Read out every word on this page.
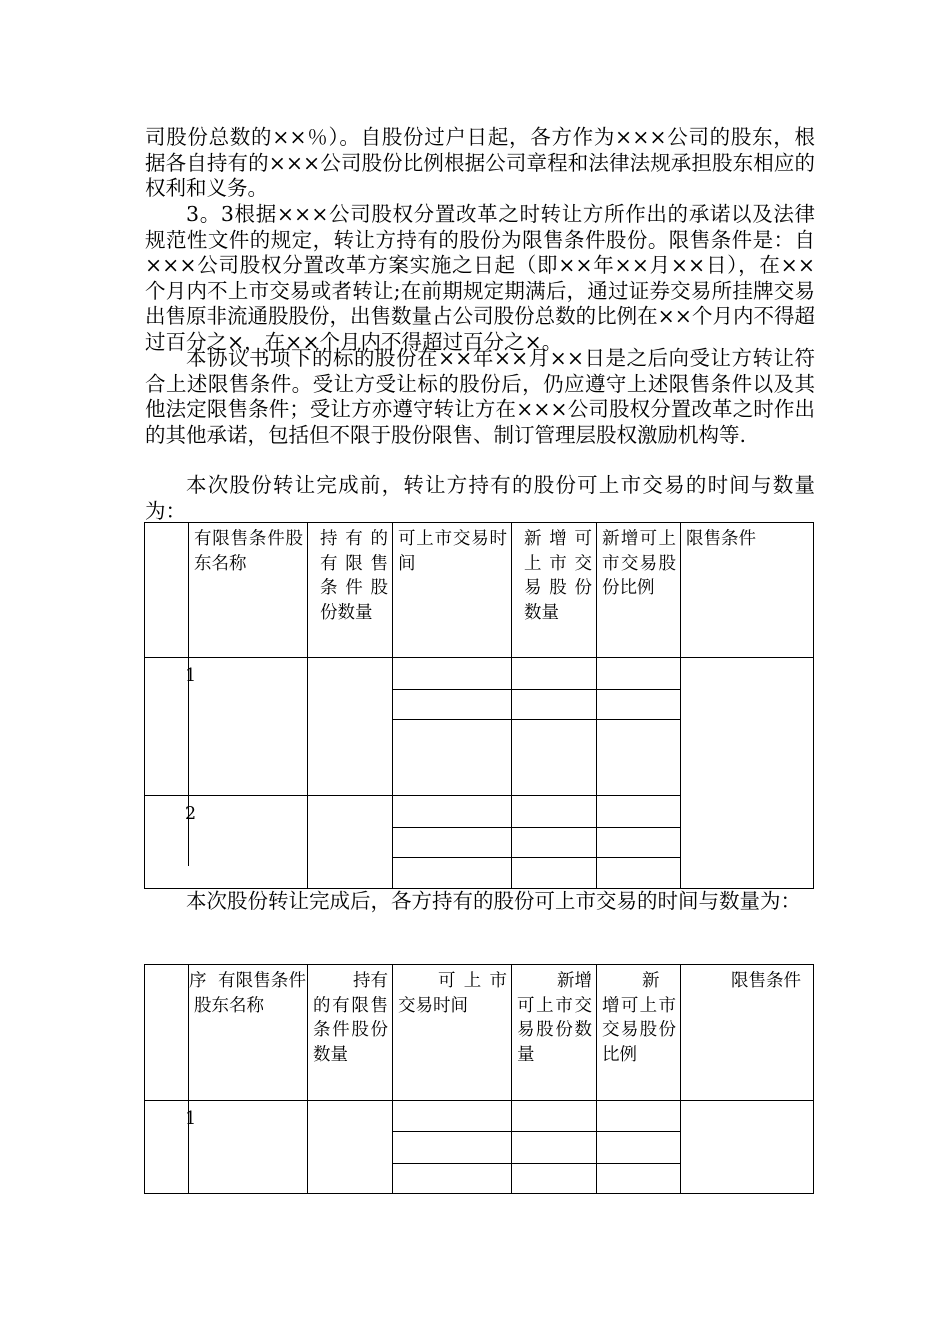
司股份总数的××％）。自股份过户日起，各方作为×××公司的股东，根据各自持有的×××公司股份比例根据公司章程和法律法规承担股东相应的权利和义务。

3。3根据×××公司股权分置改革之时转让方所作出的承诺以及法律规范性文件的规定，转让方持有的股份为限售条件股份。限售条件是：自×××公司股权分置改革方案实施之日起（即××年××月××日），在××个月内不上市交易或者转让;在前期规定期满后，通过证券交易所挂牌交易出售原非流通股股份，出售数量占公司股份总数的比例在××个月内不得超过百分之×，在××个月内不得超过百分之×。

本协议书项下的标的股份在××年××月××日是之后向受让方转让符合上述限售条件。受让方受让标的股份后，仍应遵守上述限售条件以及其他法定限售条件；受让方亦遵守转让方在×××公司股权分置改革之时作出的其他承诺，包括但不限于股份限售、制订管理层股权激励机构等.

本次股份转让完成前，转让方持有的股份可上市交易的时间与数量为：

	有限售条件股东名称	持有的有限售条件股份数量	可上市交易时间	新增可上市交易股份数量	新增可上市交易股份比例	限售条件

1						

2						

本次股份转让完成后，各方持有的股份可上市交易的时间与数量为：

序 有限售条件股东名称	持有的有限售条件股份数量	可上市交易时间	新增可上市交易股份数量	新增可上市交易股份比例	限售条件

1					
